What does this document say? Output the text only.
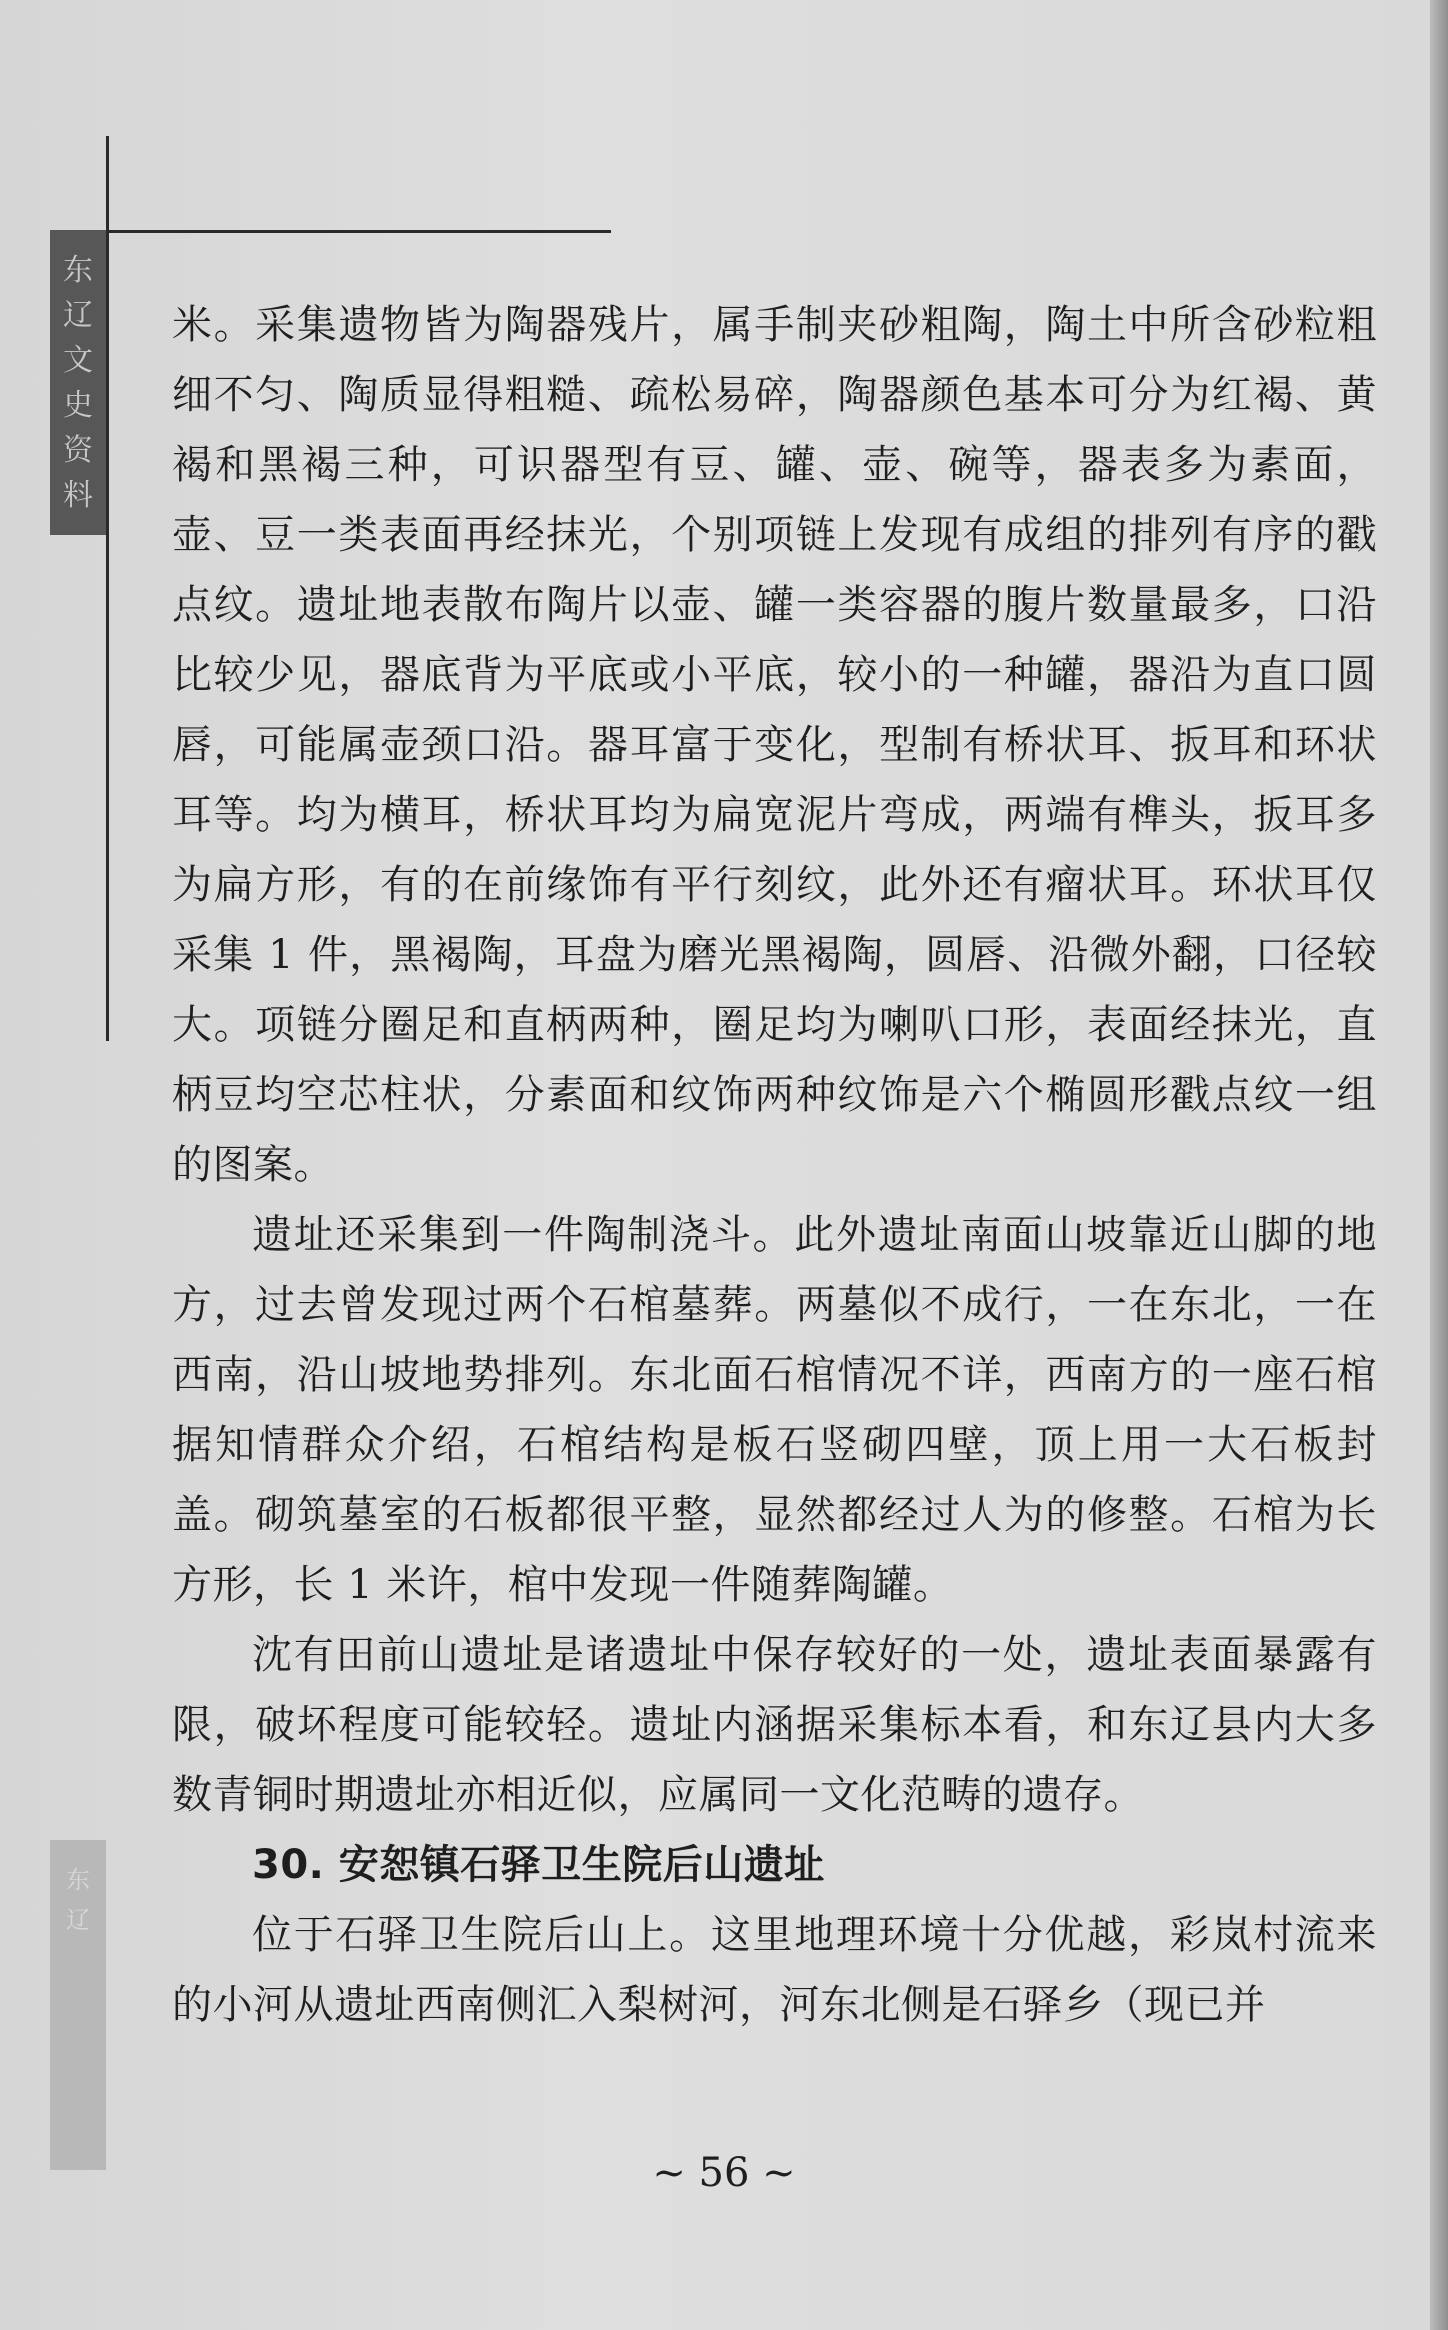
东
辽
文
史
资
料
东
辽

米。采集遗物皆为陶器残片，属手制夹砂粗陶，陶土中所含砂粒粗细不匀、陶质显得粗糙、疏松易碎，陶器颜色基本可分为红褐、黄褐和黑褐三种，可识器型有豆、罐、壶、碗等，器表多为素面，壶、豆一类表面再经抹光，个别项链上发现有成组的排列有序的戳点纹。遗址地表散布陶片以壶、罐一类容器的腹片数量最多，口沿比较少见，器底背为平底或小平底，较小的一种罐，器沿为直口圆唇，可能属壶颈口沿。器耳富于变化，型制有桥状耳、扳耳和环状耳等。均为横耳，桥状耳均为扁宽泥片弯成，两端有榫头，扳耳多为扁方形，有的在前缘饰有平行刻纹，此外还有瘤状耳。环状耳仅采集 1 件，黑褐陶，耳盘为磨光黑褐陶，圆唇、沿微外翻，口径较大。项链分圈足和直柄两种，圈足均为喇叭口形，表面经抹光，直柄豆均空芯柱状，分素面和纹饰两种纹饰是六个椭圆形戳点纹一组的图案。

遗址还采集到一件陶制浇斗。此外遗址南面山坡靠近山脚的地方，过去曾发现过两个石棺墓葬。两墓似不成行，一在东北，一在西南，沿山坡地势排列。东北面石棺情况不详，西南方的一座石棺据知情群众介绍，石棺结构是板石竖砌四壁，顶上用一大石板封盖。砌筑墓室的石板都很平整，显然都经过人为的修整。石棺为长方形，长 1 米许，棺中发现一件随葬陶罐。

沈有田前山遗址是诸遗址中保存较好的一处，遗址表面暴露有限，破坏程度可能较轻。遗址内涵据采集标本看，和东辽县内大多数青铜时期遗址亦相近似，应属同一文化范畴的遗存。

30. 安恕镇石驿卫生院后山遗址

位于石驿卫生院后山上。这里地理环境十分优越，彩岚村流来的小河从遗址西南侧汇入梨树河，河东北侧是石驿乡（现已并

~ 56 ~
